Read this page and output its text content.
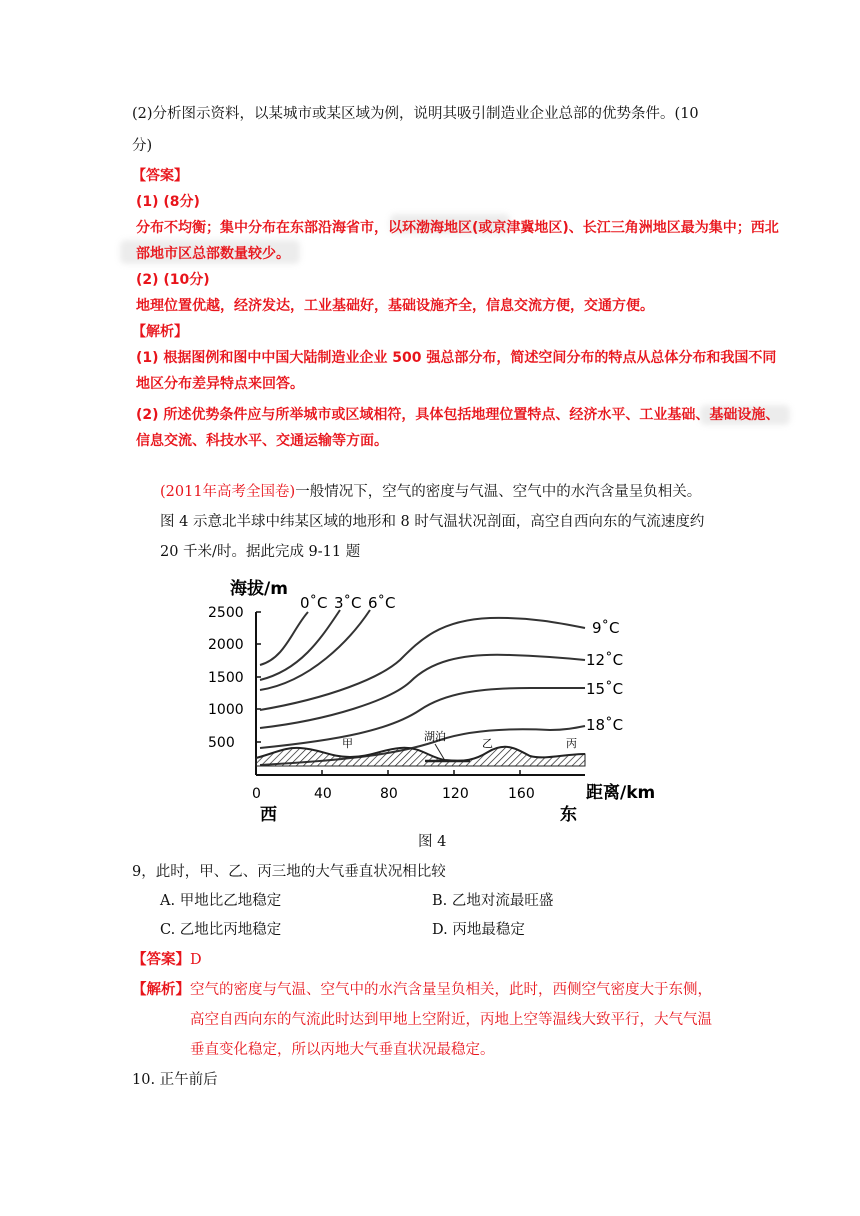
(2)分析图示资料，以某城市或某区域为例，说明其吸引制造业企业总部的优势条件。(10
分)
【答案】
(1) (8分)
分布不均衡；集中分布在东部沿海省市，以环渤海地区(或京津冀地区)、长江三角洲地区最为集中；西北
部地市区总部数量较少。
(2) (10分)
地理位置优越，经济发达，工业基础好，基础设施齐全，信息交流方便，交通方便。
【解析】
(1) 根据图例和图中中国大陆制造业企业 500 强总部分布，简述空间分布的特点从总体分布和我国不同
地区分布差异特点来回答。
(2) 所述优势条件应与所举城市或区域相符，具体包括地理位置特点、经济水平、工业基础、基础设施、
信息交流、科技水平、交通运输等方面。
(2011年高考全国卷)一般情况下，空气的密度与气温、空气中的水汽含量呈负相关。
图 4 示意北半球中纬某区域的地形和 8 时气温状况剖面，高空自西向东的气流速度约
20 千米/时。据此完成 9-11 题
海拔/m
2500
2000
1500
1000
500
0	40	80	120	160	距离/km
西	东
0˚C 3˚C 6˚C
9˚C
12˚C
15˚C
18˚C
甲	乙	丙
湖泊
图 4
9，此时，甲、乙、丙三地的大气垂直状况相比较
A. 甲地比乙地稳定	B. 乙地对流最旺盛
C. 乙地比丙地稳定	D. 丙地最稳定
【答案】D
【解析】空气的密度与气温、空气中的水汽含量呈负相关，此时，西侧空气密度大于东侧，
高空自西向东的气流此时达到甲地上空附近，丙地上空等温线大致平行，大气气温
垂直变化稳定，所以丙地大气垂直状况最稳定。
10. 正午前后
